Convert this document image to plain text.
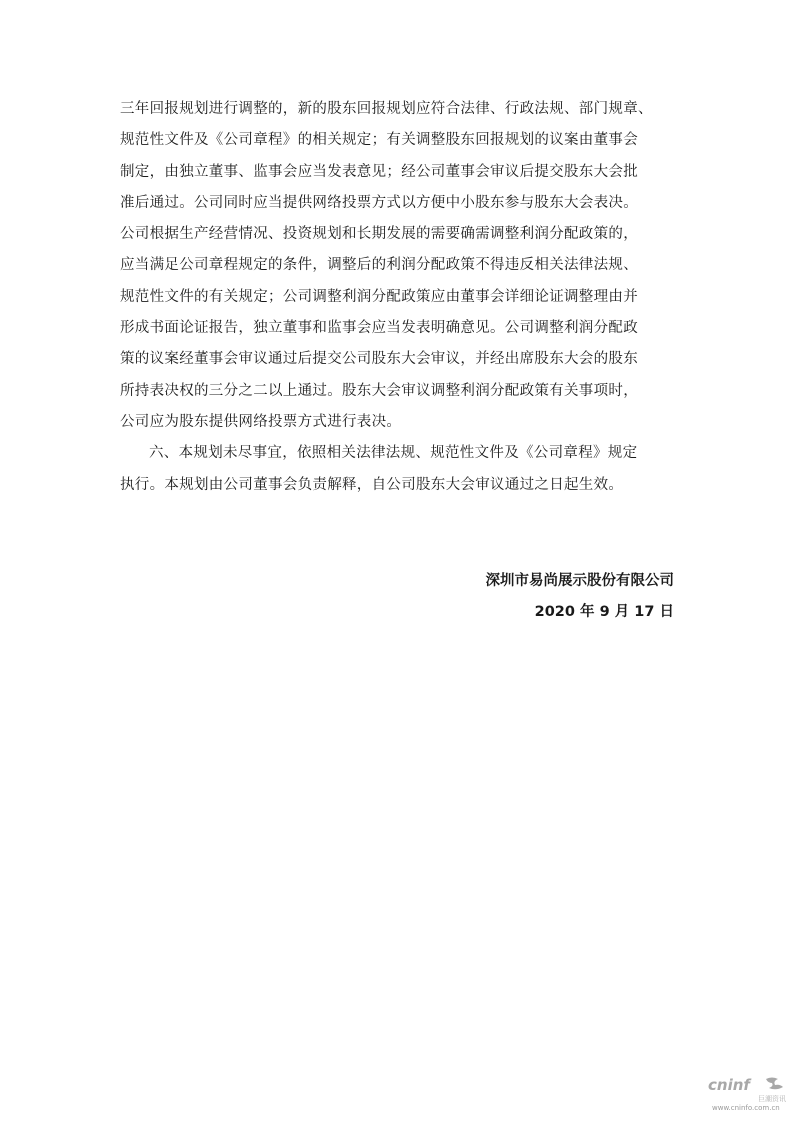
三年回报规划进行调整的，新的股东回报规划应符合法律、行政法规、部门规章、
规范性文件及《公司章程》的相关规定；有关调整股东回报规划的议案由董事会
制定，由独立董事、监事会应当发表意见；经公司董事会审议后提交股东大会批
准后通过。公司同时应当提供网络投票方式以方便中小股东参与股东大会表决。
公司根据生产经营情况、投资规划和长期发展的需要确需调整利润分配政策的，
应当满足公司章程规定的条件，调整后的利润分配政策不得违反相关法律法规、
规范性文件的有关规定；公司调整利润分配政策应由董事会详细论证调整理由并
形成书面论证报告，独立董事和监事会应当发表明确意见。公司调整利润分配政
策的议案经董事会审议通过后提交公司股东大会审议，并经出席股东大会的股东
所持表决权的三分之二以上通过。股东大会审议调整利润分配政策有关事项时，
公司应为股东提供网络投票方式进行表决。
六、本规划未尽事宜，依照相关法律法规、规范性文件及《公司章程》规定
执行。本规划由公司董事会负责解释，自公司股东大会审议通过之日起生效。
深圳市易尚展示股份有限公司
2020 年 9 月 17 日
cninf
巨潮资讯
www.cninfo.com.cn
